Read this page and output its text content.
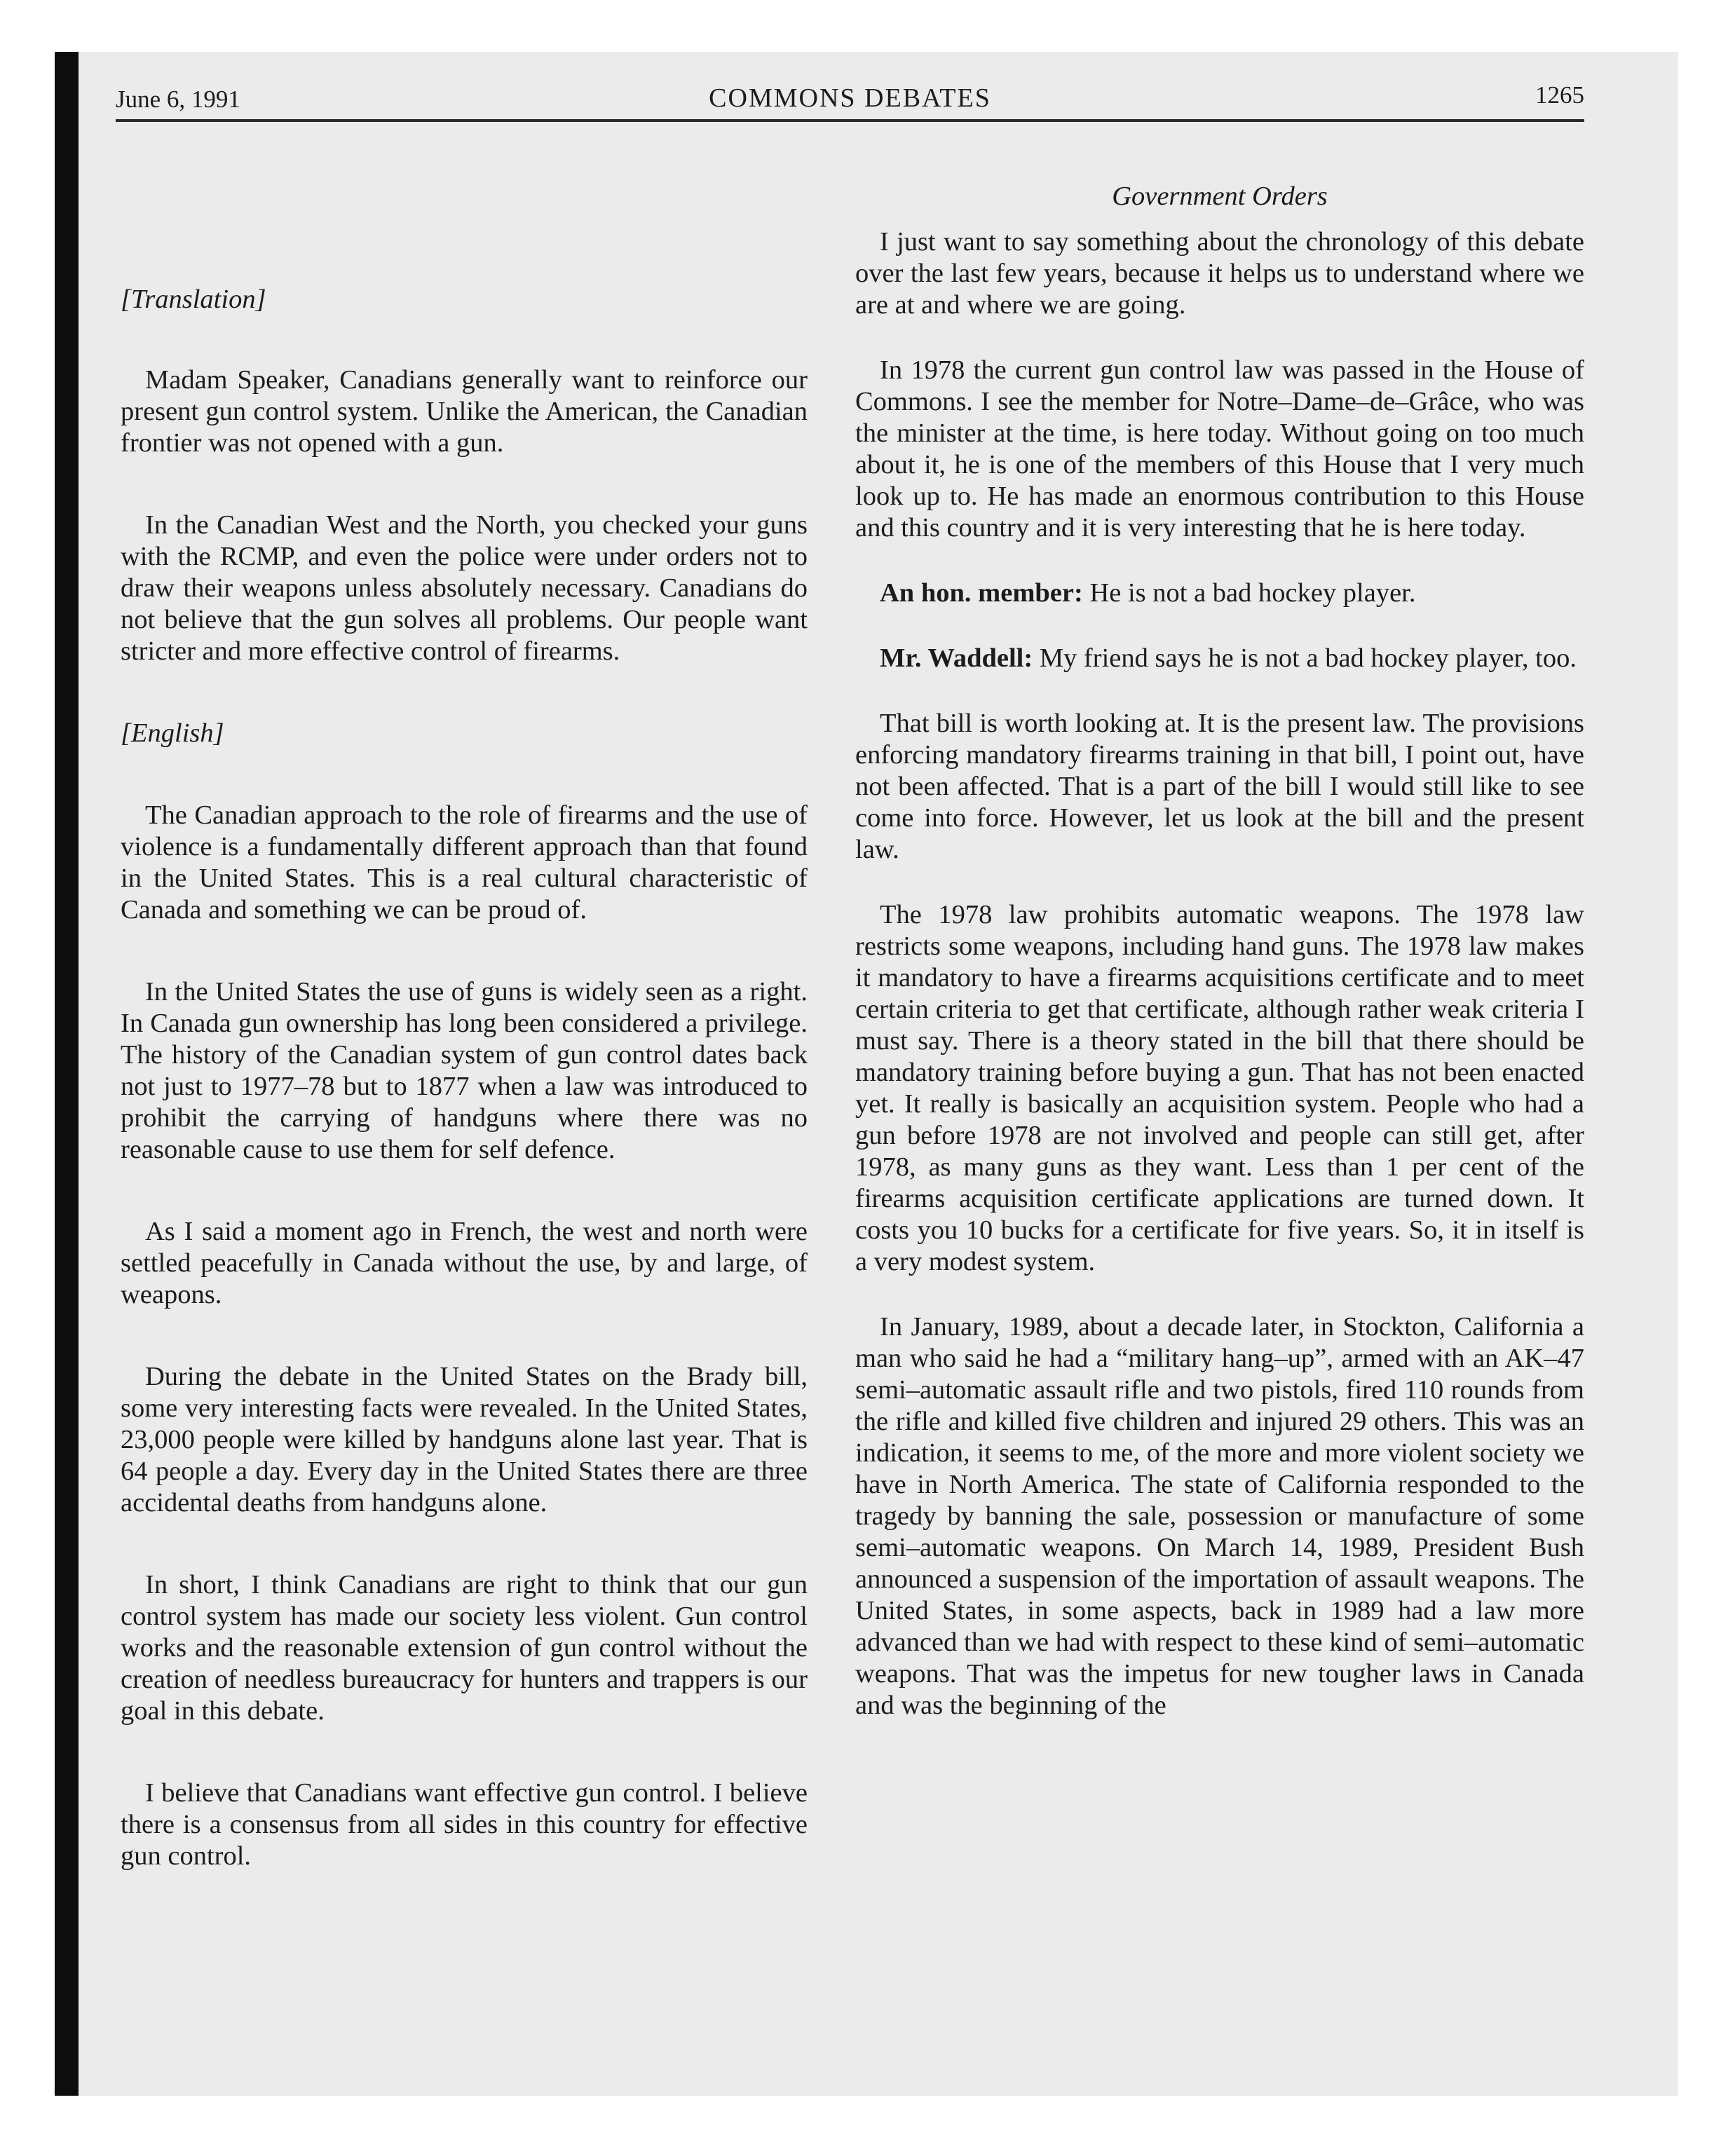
June 6, 1991	COMMONS DEBATES	1265

[Translation]

Madam Speaker, Canadians generally want to reinforce our present gun control system. Unlike the American, the Canadian frontier was not opened with a gun.

In the Canadian West and the North, you checked your guns with the RCMP, and even the police were under orders not to draw their weapons unless absolutely necessary. Canadians do not believe that the gun solves all problems. Our people want stricter and more effective control of firearms.

[English]

The Canadian approach to the role of firearms and the use of violence is a fundamentally different approach than that found in the United States. This is a real cultural characteristic of Canada and something we can be proud of.

In the United States the use of guns is widely seen as a right. In Canada gun ownership has long been considered a privilege. The history of the Canadian system of gun control dates back not just to 1977–78 but to 1877 when a law was introduced to prohibit the carrying of handguns where there was no reasonable cause to use them for self defence.

As I said a moment ago in French, the west and north were settled peacefully in Canada without the use, by and large, of weapons.

During the debate in the United States on the Brady bill, some very interesting facts were revealed. In the United States, 23,000 people were killed by handguns alone last year. That is 64 people a day. Every day in the United States there are three accidental deaths from handguns alone.

In short, I think Canadians are right to think that our gun control system has made our society less violent. Gun control works and the reasonable extension of gun control without the creation of needless bureaucracy for hunters and trappers is our goal in this debate.

I believe that Canadians want effective gun control. I believe there is a consensus from all sides in this country for effective gun control.

Government Orders

I just want to say something about the chronology of this debate over the last few years, because it helps us to understand where we are at and where we are going.

In 1978 the current gun control law was passed in the House of Commons. I see the member for Notre–Dame–de–Grâce, who was the minister at the time, is here today. Without going on too much about it, he is one of the members of this House that I very much look up to. He has made an enormous contribution to this House and this country and it is very interesting that he is here today.

An hon. member: He is not a bad hockey player.

Mr. Waddell: My friend says he is not a bad hockey player, too.

That bill is worth looking at. It is the present law. The provisions enforcing mandatory firearms training in that bill, I point out, have not been affected. That is a part of the bill I would still like to see come into force. However, let us look at the bill and the present law.

The 1978 law prohibits automatic weapons. The 1978 law restricts some weapons, including hand guns. The 1978 law makes it mandatory to have a firearms acquisitions certificate and to meet certain criteria to get that certificate, although rather weak criteria I must say. There is a theory stated in the bill that there should be mandatory training before buying a gun. That has not been enacted yet. It really is basically an acquisition system. People who had a gun before 1978 are not involved and people can still get, after 1978, as many guns as they want. Less than 1 per cent of the firearms acquisition certificate applications are turned down. It costs you 10 bucks for a certificate for five years. So, it in itself is a very modest system.

In January, 1989, about a decade later, in Stockton, California a man who said he had a “military hang–up”, armed with an AK–47 semi–automatic assault rifle and two pistols, fired 110 rounds from the rifle and killed five children and injured 29 others. This was an indication, it seems to me, of the more and more violent society we have in North America. The state of California responded to the tragedy by banning the sale, possession or manufacture of some semi–automatic weapons. On March 14, 1989, President Bush announced a suspension of the importation of assault weapons. The United States, in some aspects, back in 1989 had a law more advanced than we had with respect to these kind of semi–automatic weapons. That was the impetus for new tougher laws in Canada and was the beginning of the
